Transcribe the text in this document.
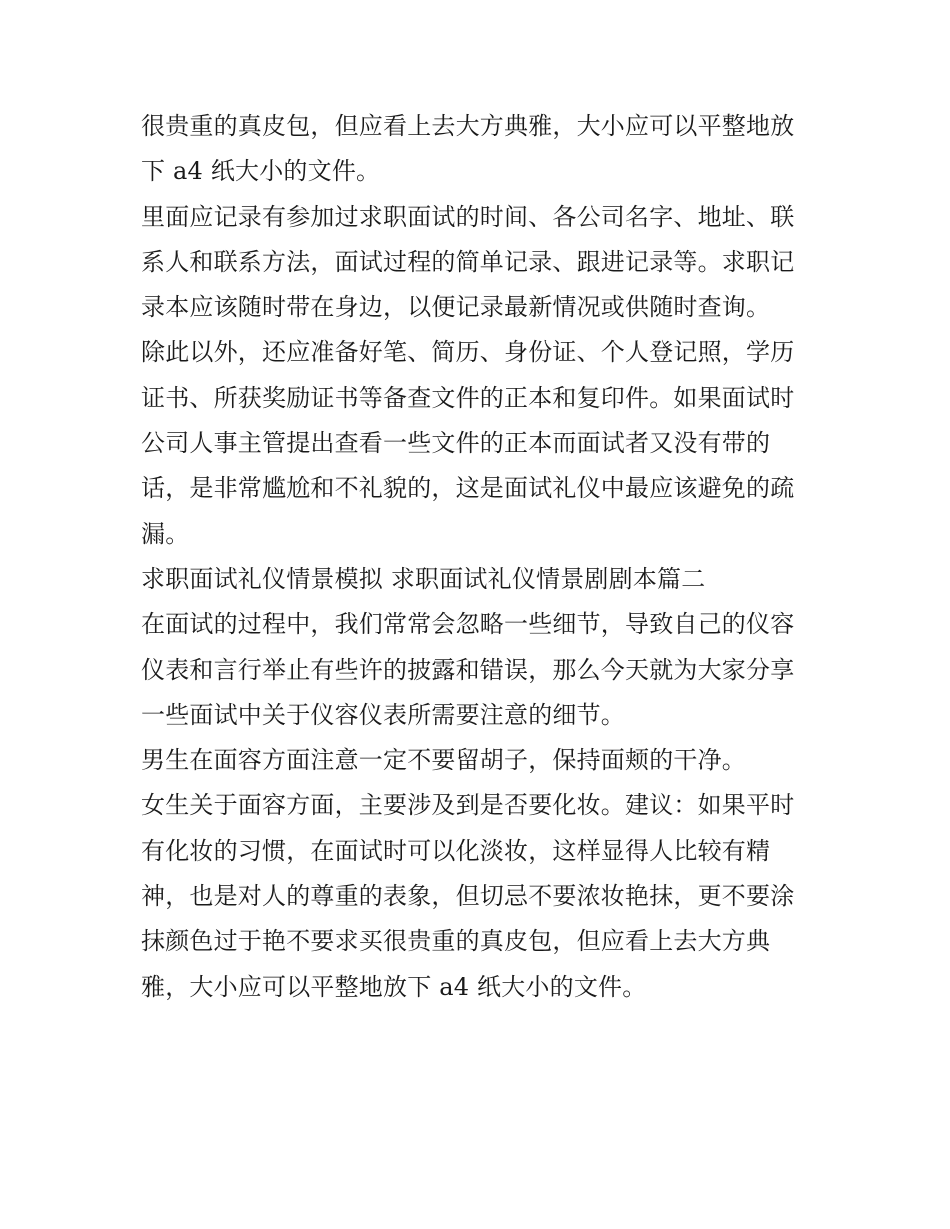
很贵重的真皮包，但应看上去大方典雅，大小应可以平整地放
下 a4 纸大小的文件。
里面应记录有参加过求职面试的时间、各公司名字、地址、联
系人和联系方法，面试过程的简单记录、跟进记录等。求职记
录本应该随时带在身边，以便记录最新情况或供随时查询。
除此以外，还应准备好笔、简历、身份证、个人登记照，学历
证书、所获奖励证书等备查文件的正本和复印件。如果面试时
公司人事主管提出查看一些文件的正本而面试者又没有带的
话，是非常尴尬和不礼貌的，这是面试礼仪中最应该避免的疏
漏。
求职面试礼仪情景模拟 求职面试礼仪情景剧剧本篇二
在面试的过程中，我们常常会忽略一些细节，导致自己的仪容
仪表和言行举止有些许的披露和错误，那么今天就为大家分享
一些面试中关于仪容仪表所需要注意的细节。
男生在面容方面注意一定不要留胡子，保持面颊的干净。
女生关于面容方面，主要涉及到是否要化妆。建议：如果平时
有化妆的习惯，在面试时可以化淡妆，这样显得人比较有精
神，也是对人的尊重的表象，但切忌不要浓妆艳抹，更不要涂
抹颜色过于艳不要求买很贵重的真皮包，但应看上去大方典
雅，大小应可以平整地放下 a4 纸大小的文件。
